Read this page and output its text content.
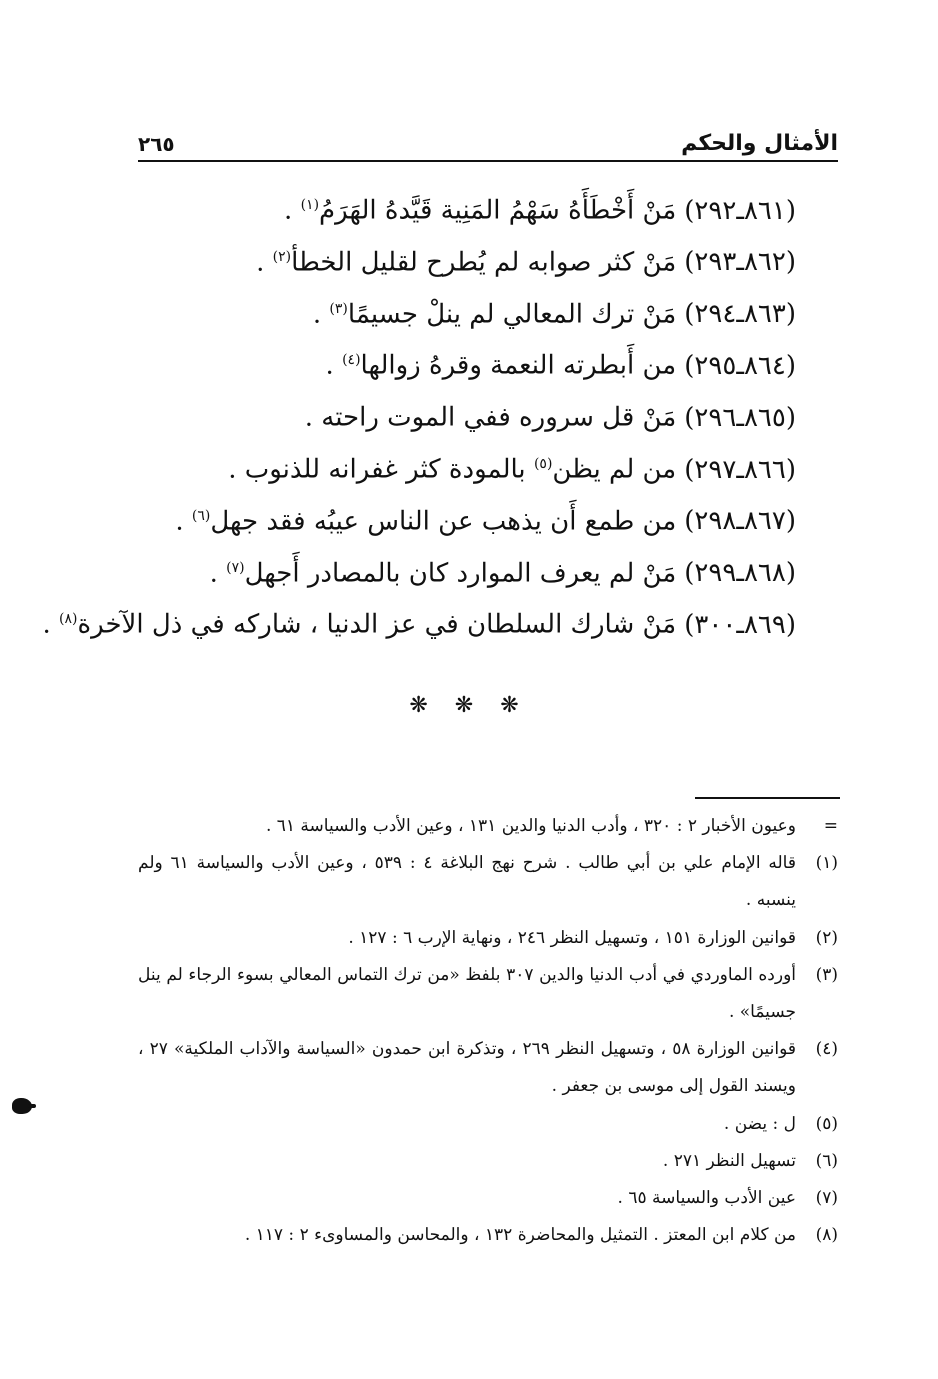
الأمثال والحكم
٢٦٥
(٨٦١ـ٢٩٢)مَنْ أَخْطَأَهُ سَهْمُ المَنِية قَيَّدهُ الهَرَمُ$^{(١)}$ .
(٨٦٢ـ٢٩٣)مَنْ كثر صوابه لم يُطرح لقليل الخطأ$^{(٢)}$ .
(٨٦٣ـ٢٩٤)مَنْ ترك المعالي لم ينلْ جسيمًا$^{(٣)}$ .
(٨٦٤ـ٢٩٥)من أَبطرته النعمة وقرهُ زوالها$^{(٤)}$ .
(٨٦٥ـ٢٩٦)مَنْ قل سروره ففي الموت راحته .
(٨٦٦ـ٢٩٧)من لم يظن$^{(٥)}$ بالمودة كثر غفرانه للذنوب .
(٨٦٧ـ٢٩٨)من طمع أَن يذهب عن الناس عيبُه فقد جهل$^{(٦)}$ .
(٨٦٨ـ٢٩٩)مَنْ لم يعرف الموارد كان بالمصادر أَجهل$^{(٧)}$ .
(٨٦٩ـ٣٠٠)مَنْ شارك السلطان في عز الدنيا ، شاركه في ذل الآخرة$^{(٨)}$ .
❋ ❋ ❋
=
وعيون الأخبار ٢ : ٣٢٠ ، وأدب الدنيا والدين ١٣١ ، وعين الأدب والسياسة ٦١ .
(١)
قاله الإمام علي بن أبي طالب . شرح نهج البلاغة ٤ : ٥٣٩ ، وعين الأدب والسياسة ٦١ ولم ينسبه .
(٢)
قوانين الوزارة ١٥١ ، وتسهيل النظر ٢٤٦ ، ونهاية الإرب ٦ : ١٢٧ .
(٣)
أورده الماوردي في أدب الدنيا والدين ٣٠٧ بلفظ «من ترك التماس المعالي بسوء الرجاء لم ينل جسيمًا» .
(٤)
قوانين الوزارة ٥٨ ، وتسهيل النظر ٢٦٩ ، وتذكرة ابن حمدون «السياسة والآداب الملكية» ٢٧ ، ويسند القول إلى موسى بن جعفر .
(٥)
ل : يضن .
(٦)
تسهيل النظر ٢٧١ .
(٧)
عين الأدب والسياسة ٦٥ .
(٨)
من كلام ابن المعتز . التمثيل والمحاضرة ١٣٢ ، والمحاسن والمساوىء ٢ : ١١٧ .
